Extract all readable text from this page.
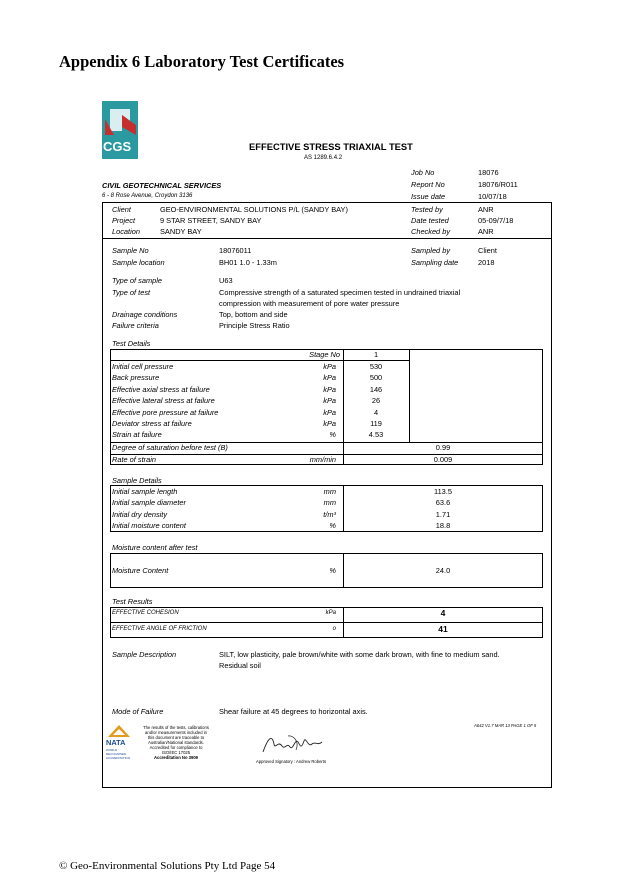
Appendix 6 Laboratory Test Certificates
CGS	EFFECTIVE STRESS TRIAXIAL TEST
AS 1289.6.4.2
CIVIL GEOTECHNICAL SERVICES
6 - 8 Rose Avenue, Croydon 3136
Job No	18076
Report No	18076/R011
Issue date	10/07/18
Client	GEO-ENVIRONMENTAL SOLUTIONS P/L (SANDY BAY)
Project	9 STAR STREET, SANDY BAY
Location	SANDY BAY
Tested by	ANR
Date tested	05-09/7/18
Checked by	ANR
Sample No	18076011
Sample location	BH01 1.0 - 1.33m
Sampled by	Client
Sampling date	2018
Type of sample	U63
Type of test	Compressive strength of a saturated specimen tested in undrained triaxial
compression with measurement of pore water pressure
Drainage conditions	Top, bottom and side
Failure criteria	Principle Stress Ratio
Test Details
Stage No	1
Initial cell pressure	kPa	530
Back pressure	kPa	500
Effective axial stress at failure	kPa	146
Effective lateral stress at failure	kPa	26
Effective pore pressure at failure	kPa	4
Deviator stress at failure	kPa	119
Strain at failure	%	4.53
Degree of saturation before test (B)	0.99
Rate of strain	mm/min	0.009
Sample Details
Initial sample length	mm	113.5
Initial sample diameter	mm	63.6
Initial dry density	t/m³	1.71
Initial moisture content	%	18.8
Moisture content after test
Moisture Content	%	24.0
Test Results
EFFECTIVE COHESION	kPa	4
EFFECTIVE ANGLE OF FRICTION	o	41
Sample Description	SILT, low plasticity, pale brown/white with some dark brown, with fine to medium sand.
Residual soil
Mode of Failure	Shear failure at 45 degrees to horizontal axis.
A642 V1.7 MAR 13 PAGE 1 OF 5
NATA
WORLD RECOGNISED ACCREDITATION
The results of the tests, calibrations
and/or measurements included in
this document are traceable to
Australian/National standards.
Accredited for compliance to
ISO/IEC 17025
Accreditation No 3909
Approved Signatory : Andrew Roberts
© Geo-Environmental Solutions Pty Ltd Page 54
